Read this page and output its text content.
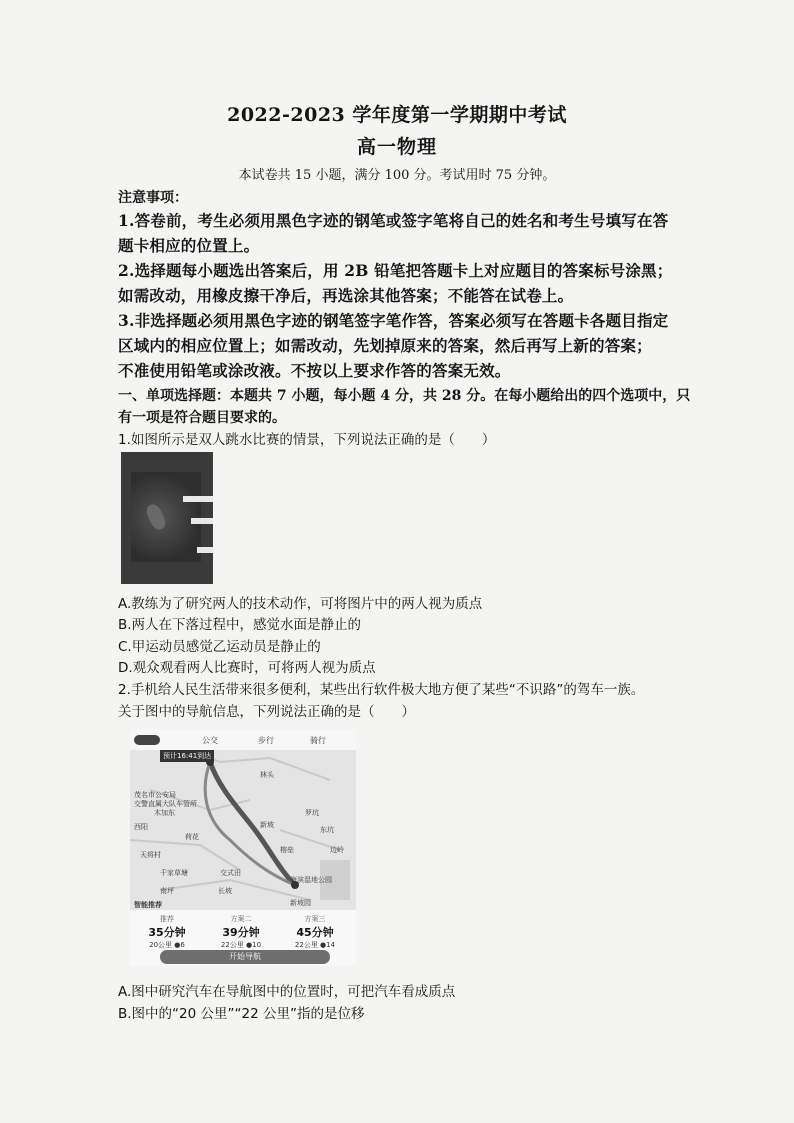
2022-2023 学年度第一学期期中考试
高一物理
本试卷共 15 小题，满分 100 分。考试用时 75 分钟。
注意事项：
1.答卷前，考生必须用黑色字迹的钢笔或签字笔将自己的姓名和考生号填写在答
题卡相应的位置上。
2.选择题每小题选出答案后，用 2B 铅笔把答题卡上对应题目的答案标号涂黑；
如需改动，用橡皮擦干净后，再选涂其他答案；不能答在试卷上。
3.非选择题必须用黑色字迹的钢笔签字笔作答，答案必须写在答题卡各题目指定
区域内的相应位置上；如需改动，先划掉原来的答案，然后再写上新的答案；
不准使用铅笔或涂改液。不按以上要求作答的答案无效。
一、单项选择题：本题共 7 小题，每小题 4 分，共 28 分。在每小题给出的四个选项中，只
有一项是符合题目要求的。
1.如图所示是双人跳水比赛的情景，下列说法正确的是（　　）
A.教练为了研究两人的技术动作，可将图片中的两人视为质点
B.两人在下落过程中，感觉水面是静止的
C.甲运动员感觉乙运动员是静止的
D.观众观看两人比赛时，可将两人视为质点
2.手机给人民生活带来很多便利，某些出行软件极大地方便了某些“不识路”的驾车一族。
关于图中的导航信息，下列说法正确的是（　　）
公交	步行	骑行
预计16:41到达
茂名市公安局
交警直属大队车管所
木加东
西阳
天将村
千家草塘	交式田
南坪	长坡
榕垒
海滨湿地公园
荷花
新坡
罗坑
林头
东坑
边岭
新坡园
智能推荐
推荐
35分钟
20公里 ●6
方案二
39分钟
22公里 ●10
方案三
45分钟
22公里 ●14
开始导航
A.图中研究汽车在导航图中的位置时，可把汽车看成质点
B.图中的“20 公里”“22 公里”指的是位移
